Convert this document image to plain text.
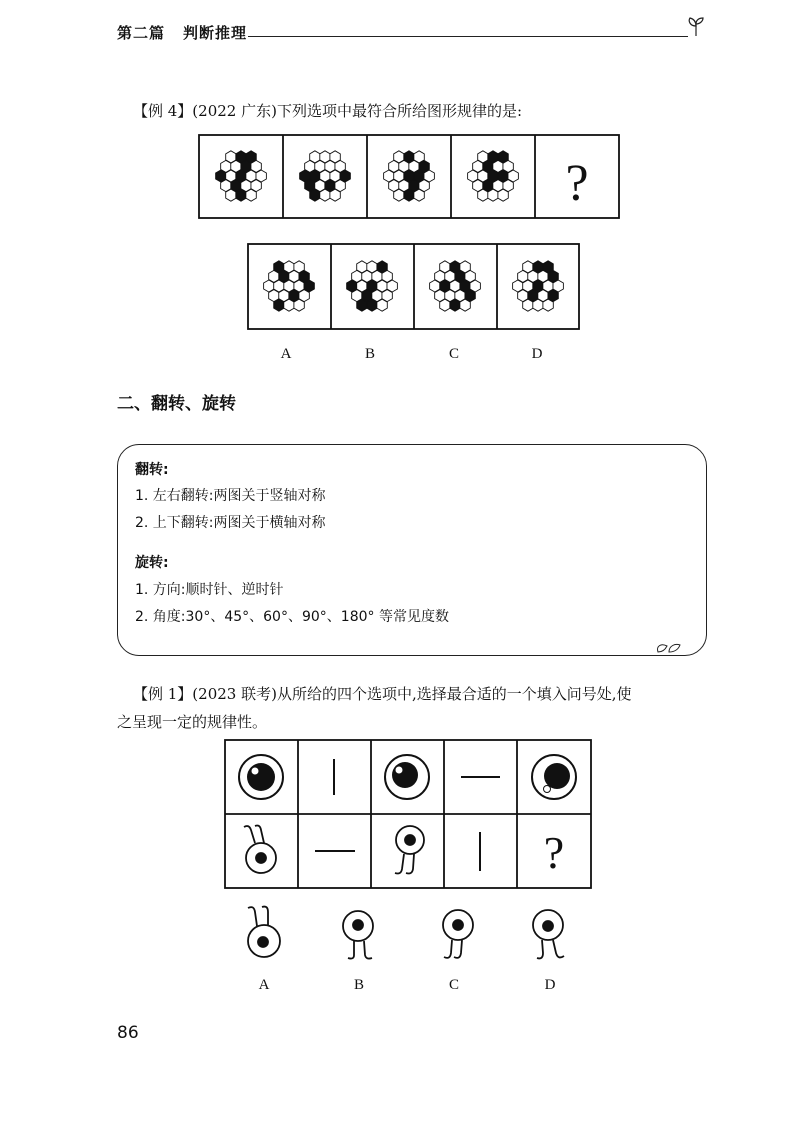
第二篇 判断推理
【例 4】(2022 广东)下列选项中最符合所给图形规律的是:
?
A	B	C	D
二、翻转、旋转
翻转:
1. 左右翻转:两图关于竖轴对称
2. 上下翻转:两图关于横轴对称
旋转:
1. 方向:顺时针、逆时针
2. 角度:30°、45°、60°、90°、180° 等常见度数
【例 1】(2023 联考)从所给的四个选项中,选择最合适的一个填入问号处,使
之呈现一定的规律性。
?
A	B	C	D
86
